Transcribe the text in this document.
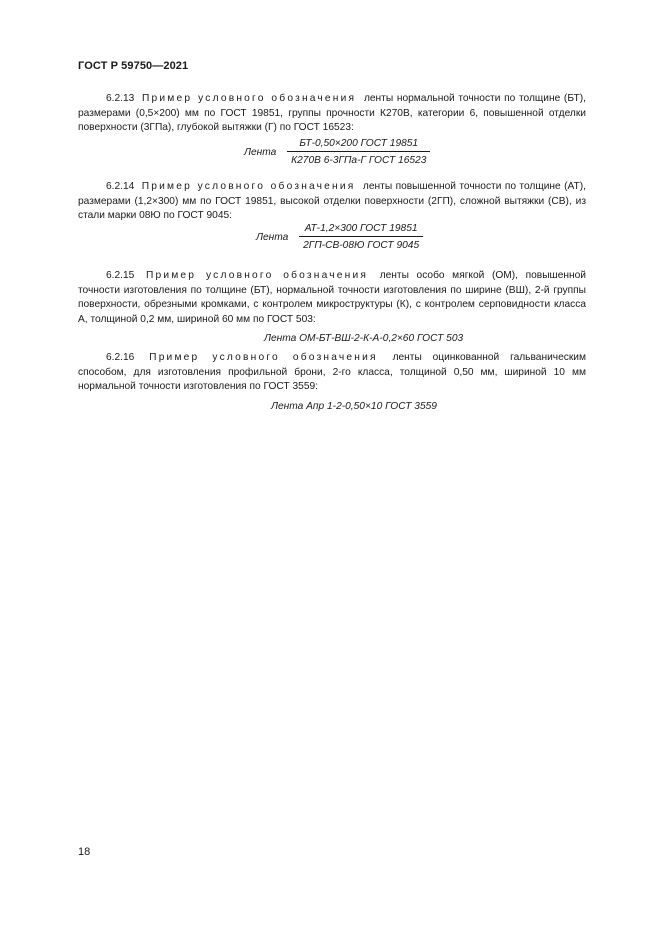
ГОСТ Р 59750—2021
6.2.13 Пример условного обозначения ленты нормальной точности по толщине (БТ), размерами (0,5×200) мм по ГОСТ 19851, группы прочности К270В, категории 6, повышенной отделки поверхности (3ГПа), глубокой вытяжки (Г) по ГОСТ 16523:
Лента $\frac{\text{БТ-0,50×200 ГОСТ 19851}}{\text{К270В 6-3ГПа-Г ГОСТ 16523}}$
6.2.14 Пример условного обозначения ленты повышенной точности по толщине (АТ), размерами (1,2×300) мм по ГОСТ 19851, высокой отделки поверхности (2ГП), сложной вытяжки (СВ), из стали марки 08Ю по ГОСТ 9045:
Лента $\frac{\text{АТ-1,2×300 ГОСТ 19851}}{\text{2ГП-СВ-08Ю ГОСТ 9045}}$
6.2.15 Пример условного обозначения ленты особо мягкой (ОМ), повышенной точности изготовления по толщине (БТ), нормальной точности изготовления по ширине (ВШ), 2-й группы поверхности, обрезными кромками, с контролем микроструктуры (К), с контролем серповидности класса А, толщиной 0,2 мм, шириной 60 мм по ГОСТ 503:
Лента ОМ-БТ-ВШ-2-К-А-0,2×60 ГОСТ 503
6.2.16 Пример условного обозначения ленты оцинкованной гальваническим способом, для изготовления профильной брони, 2-го класса, толщиной 0,50 мм, шириной 10 мм нормальной точности изготовления по ГОСТ 3559:
Лента Апр 1-2-0,50×10 ГОСТ 3559
18
